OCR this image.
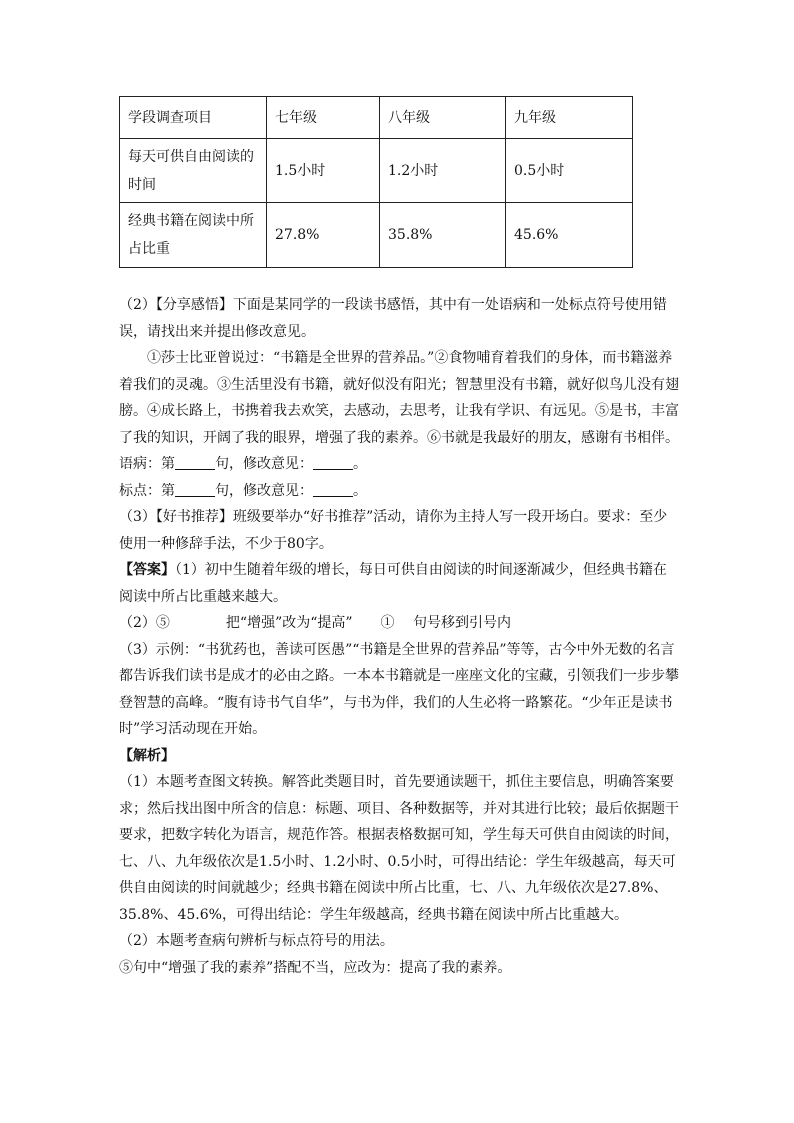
学段调查项目	七年级	八年级	九年级
每天可供自由阅读的时间	1.5小时	1.2小时	0.5小时
经典书籍在阅读中所占比重	27.8%	35.8%	45.6%

（2）【分享感悟】下面是某同学的一段读书感悟，其中有一处语病和一处标点符号使用错误，请找出来并提出修改意见。

①莎士比亚曾说过：“书籍是全世界的营养品。”②食物哺育着我们的身体，而书籍滋养着我们的灵魂。③生活里没有书籍，就好似没有阳光；智慧里没有书籍，就好似鸟儿没有翅膀。④成长路上，书携着我去欢笑，去感动，去思考，让我有学识、有远见。⑤是书，丰富了我的知识，开阔了我的眼界，增强了我的素养。⑥书就是我最好的朋友，感谢有书相伴。

语病：第	句，修改意见：	。

标点：第	句，修改意见：	。

（3）【好书推荐】班级要举办“好书推荐”活动，请你为主持人写一段开场白。要求：至少使用一种修辞手法，不少于80字。

【答案】（1）初中生随着年级的增长，每日可供自由阅读的时间逐渐减少，但经典书籍在阅读中所占比重越来越大。

（2）⑤　　　　把“增强”改为“提高”　　①　 句号移到引号内

（3）示例：“书犹药也，善读可医愚”“书籍是全世界的营养品”等等，古今中外无数的名言都告诉我们读书是成才的必由之路。一本本书籍就是一座座文化的宝藏，引领我们一步步攀登智慧的高峰。“腹有诗书气自华”，与书为伴，我们的人生必将一路繁花。“少年正是读书时”学习活动现在开始。

【解析】

（1）本题考查图文转换。解答此类题目时，首先要通读题干，抓住主要信息，明确答案要求；然后找出图中所含的信息：标题、项目、各种数据等，并对其进行比较；最后依据题干要求，把数字转化为语言，规范作答。根据表格数据可知，学生每天可供自由阅读的时间，七、八、九年级依次是1.5小时、1.2小时、0.5小时，可得出结论：学生年级越高，每天可供自由阅读的时间就越少；经典书籍在阅读中所占比重，七、八、九年级依次是27.8%、35.8%、45.6%，可得出结论：学生年级越高，经典书籍在阅读中所占比重越大。

（2）本题考查病句辨析与标点符号的用法。

⑤句中“增强了我的素养”搭配不当，应改为：提高了我的素养。
